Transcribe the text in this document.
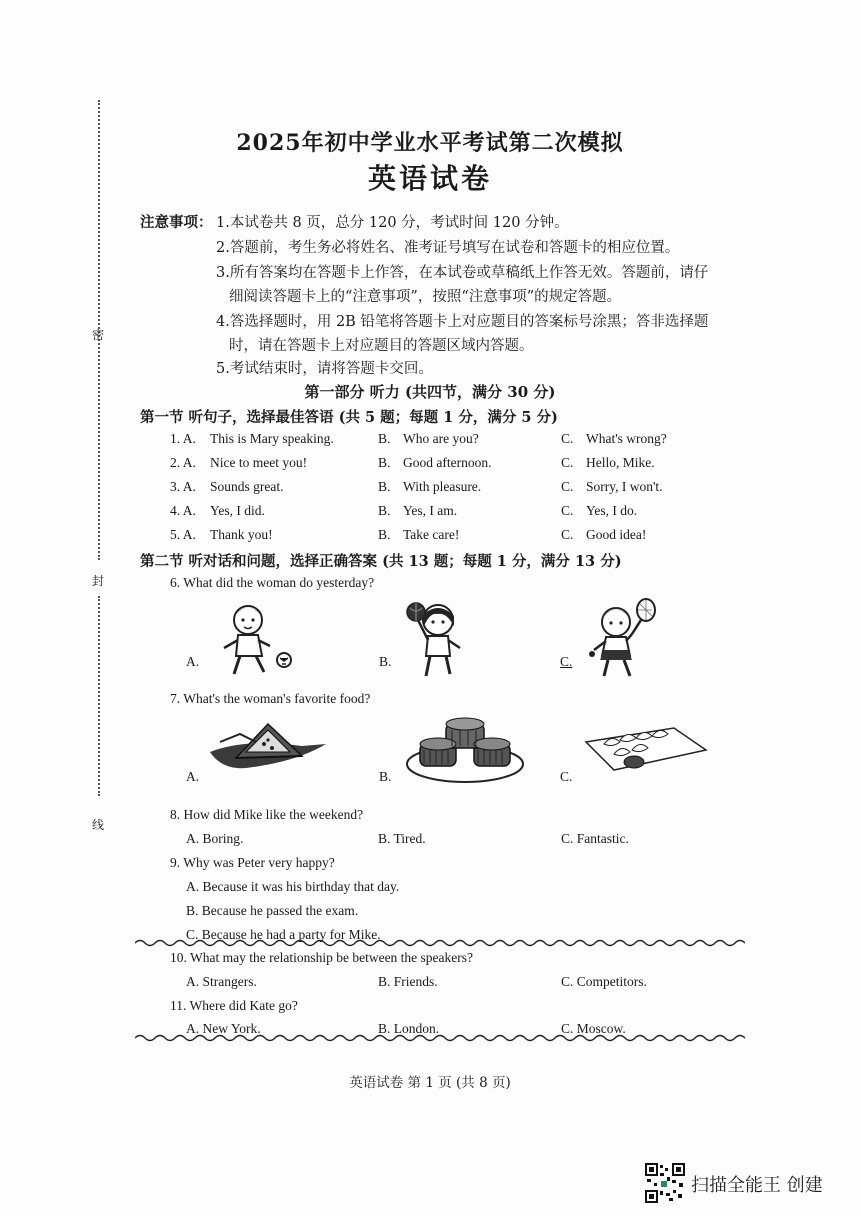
密
封
线
2025年初中学业水平考试第二次模拟
英语试卷
注意事项： 1.本试卷共 8 页，总分 120 分，考试时间 120 分钟。
2.答题前，考生务必将姓名、准考证号填写在试卷和答题卡的相应位置。
3.所有答案均在答题卡上作答，在本试卷或草稿纸上作答无效。答题前，请仔
细阅读答题卡上的“注意事项”，按照“注意事项”的规定答题。
4.答选择题时，用 2B 铅笔将答题卡上对应题目的答案标号涂黑；答非选择题
时，请在答题卡上对应题目的答题区域内答题。
5.考试结束时，请将答题卡交回。
第一部分 听力 (共四节，满分 30 分)
第一节 听句子，选择最佳答语 (共 5 题；每题 1 分，满分 5 分)
1. A. This is Mary speaking.	B. Who are you?	C. What's wrong?
2. A. Nice to meet you!	B. Good afternoon.	C. Hello, Mike.
3. A. Sounds great.	B. With pleasure.	C. Sorry, I won't.
4. A. Yes, I did.	B. Yes, I am.	C. Yes, I do.
5. A. Thank you!	B. Take care!	C. Good idea!
第二节 听对话和问题，选择正确答案 (共 13 题；每题 1 分，满分 13 分)
6. What did the woman do yesterday?
A.	B.	C.
7. What's the woman's favorite food?
A.	B.	C.
8. How did Mike like the weekend?
A. Boring.	B. Tired.	C. Fantastic.
9. Why was Peter very happy?
A. Because it was his birthday that day.
B. Because he passed the exam.
C. Because he had a party for Mike.
10. What may the relationship be between the speakers?
A. Strangers.	B. Friends.	C. Competitors.
11. Where did Kate go?
A. New York.	B. London.	C. Moscow.
英语试卷 第 1 页 (共 8 页)
扫描全能王 创建
